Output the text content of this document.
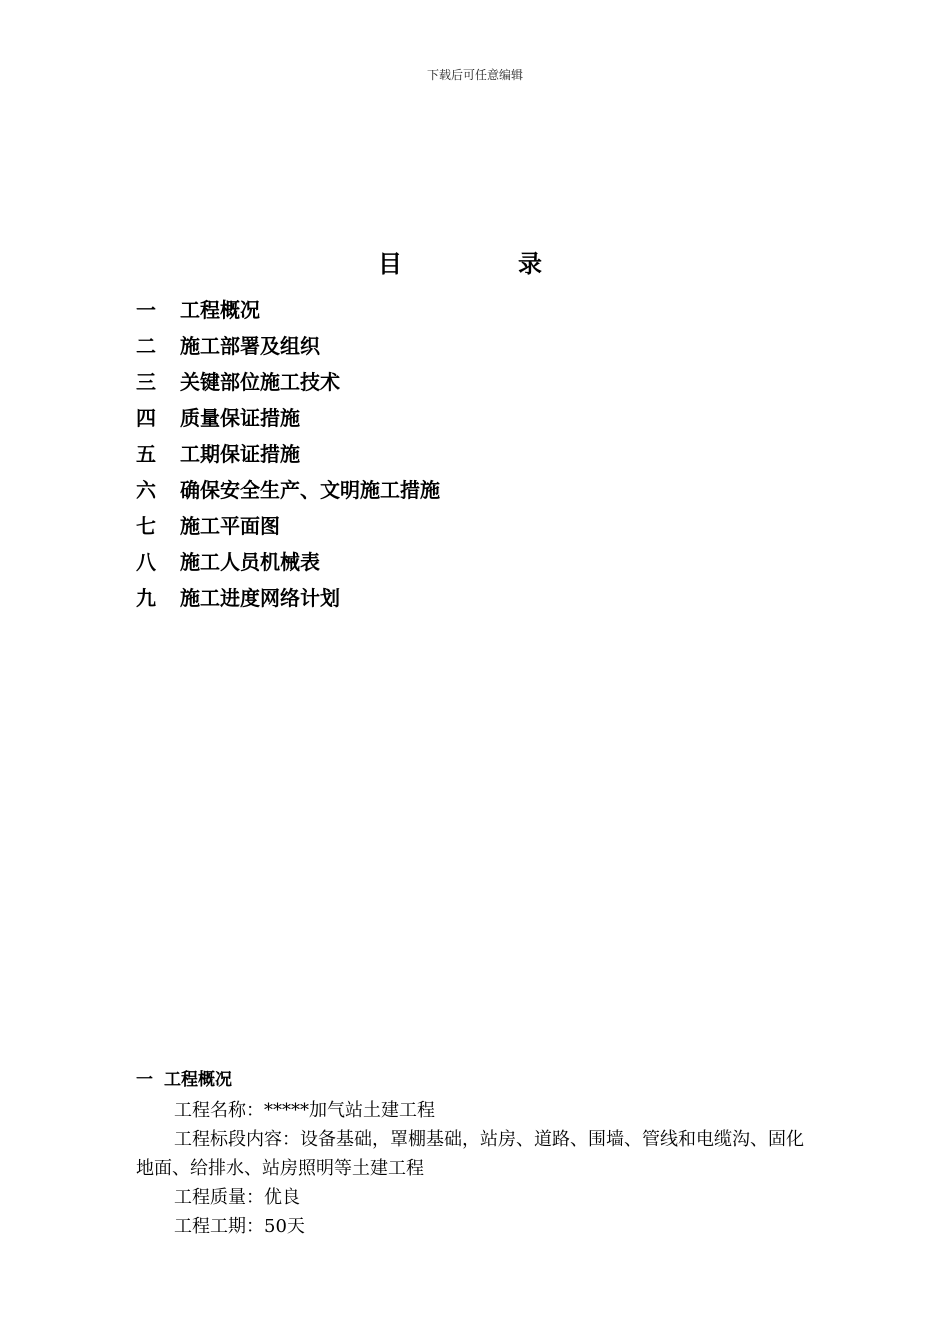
下载后可任意编辑
目	录
一 工程概况
二 施工部署及组织
三 关键部位施工技术
四 质量保证措施
五 工期保证措施
六 确保安全生产、文明施工措施
七 施工平面图
八 施工人员机械表
九 施工进度网络计划
一 工程概况

工程名称：*****加气站土建工程

工程标段内容：设备基础，罩棚基础，站房、道路、围墙、管线和电缆沟、固化地面、给排水、站房照明等土建工程

工程质量：优良

工程工期：50天
